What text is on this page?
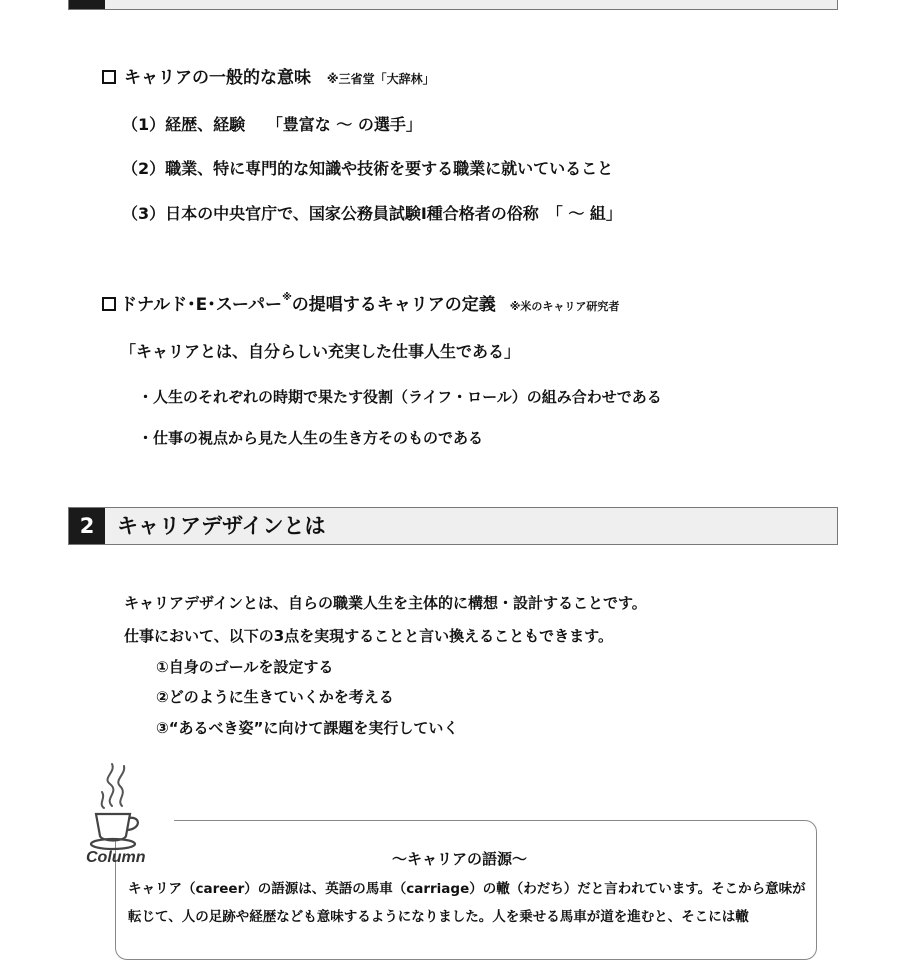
キャリアの一般的な意味 ※三省堂「大辞林」
（1）経歴、経験　 「豊富な ～ の選手」
（2）職業、特に専門的な知識や技術を要する職業に就いていること
（3）日本の中央官庁で、国家公務員試験Ⅰ種合格者の俗称　「 ～ 組」
ドナルド･E･スーパー※の提唱するキャリアの定義 ※米のキャリア研究者
「キャリアとは、自分らしい充実した仕事人生である」
・人生のそれぞれの時期で果たす役割（ライフ・ロール）の組み合わせである
・仕事の視点から見た人生の生き方そのものである
2	キャリアデザインとは
キャリアデザインとは、自らの職業人生を主体的に構想・設計することです。
仕事において、以下の3点を実現することと言い換えることもできます。
①自身のゴールを設定する
②どのように生きていくかを考える
③“あるべき姿”に向けて課題を実行していく
Column	～キャリアの語源～
キャリア（career）の語源は、英語の馬車（carriage）の轍（わだち）だと言われています。そこから意味が
転じて、人の足跡や経歴なども意味するようになりました。人を乗せる馬車が道を進むと、そこには轍
